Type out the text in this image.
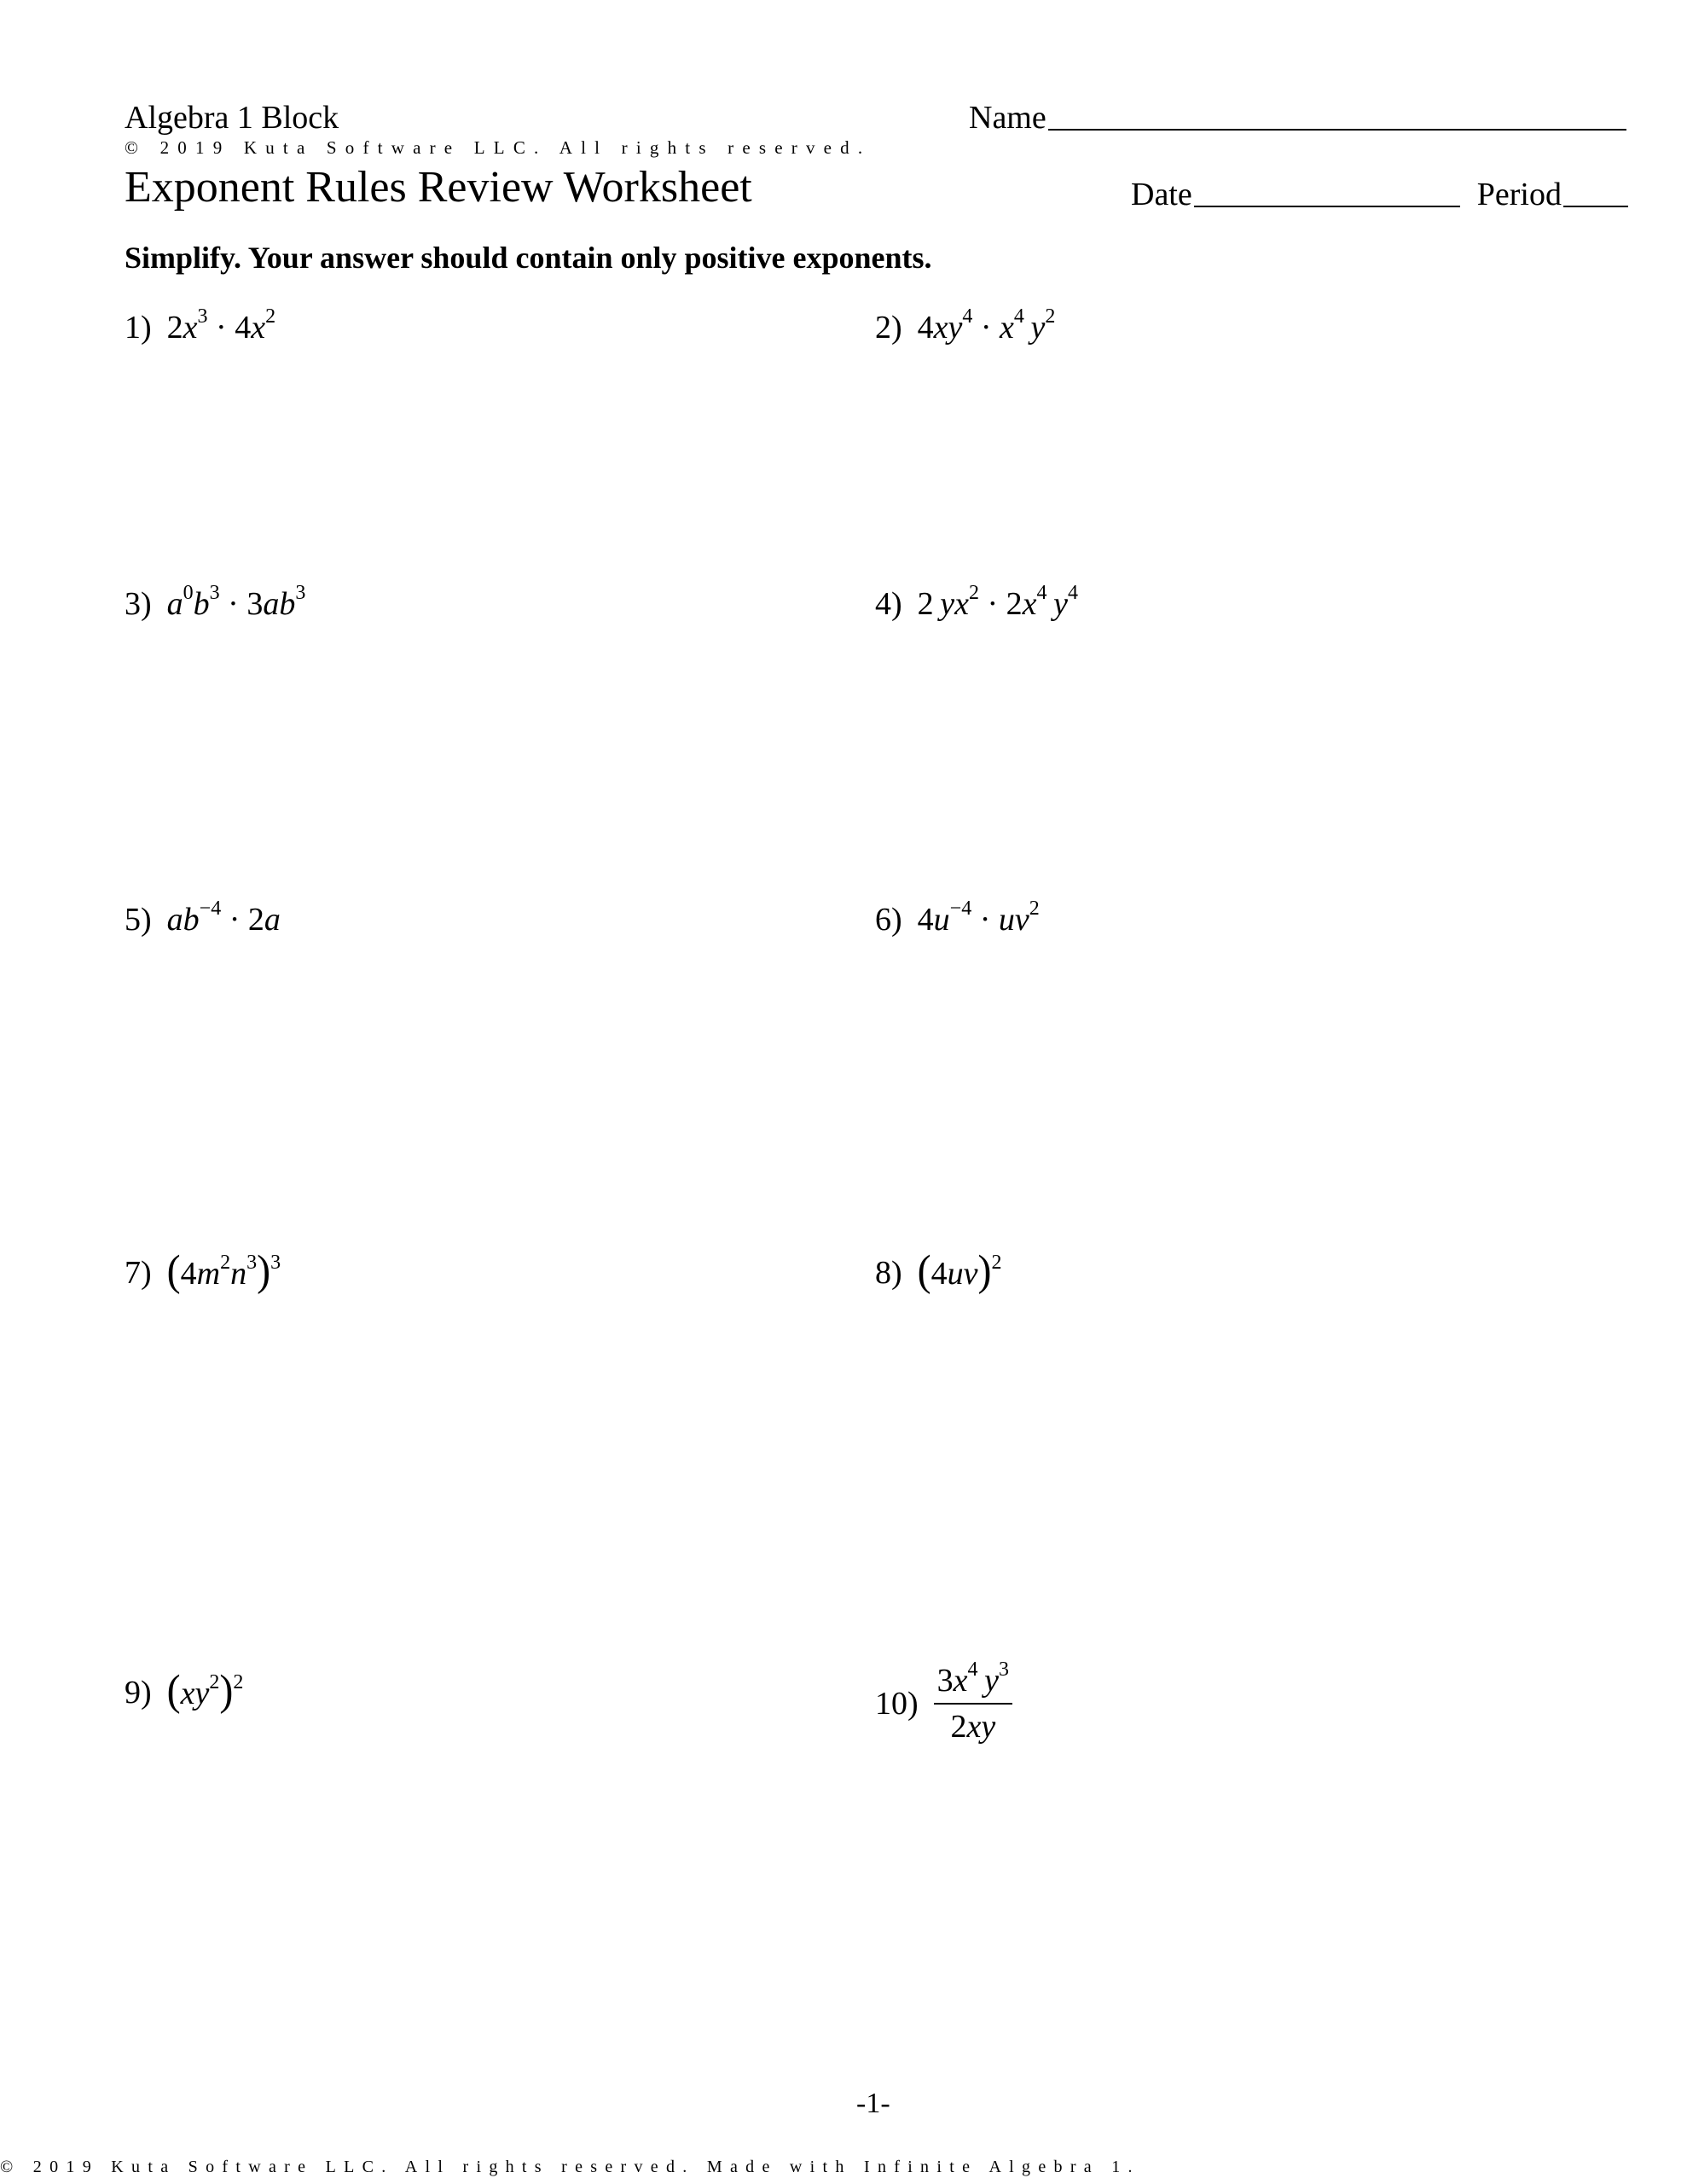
Algebra 1 Block
© 2019 Kuta Software LLC. All rights reserved.
Exponent Rules Review Worksheet
Name
Date	Period
Simplify. Your answer should contain only positive exponents.
1) $2x^3 \cdot 4x^2$	2) $4xy^4 \cdot x^4$  $y^2$
3) $a^0b^3 \cdot 3ab^3$	4) 2  $yx^2 \cdot 2x^4$  $y^4$
5) $ab^{-4} \cdot 2a$	6) $4u^{-4} \cdot uv^2$
7) $(4m^2n^3)^3$	8) $(4uv)^2$
9) $(xy^2)^2$
$10) \frac{3x^4 y^3}{2xy}$
-1-
© 2019 Kuta Software LLC. All rights reserved. Made with Infinite Algebra 1.
